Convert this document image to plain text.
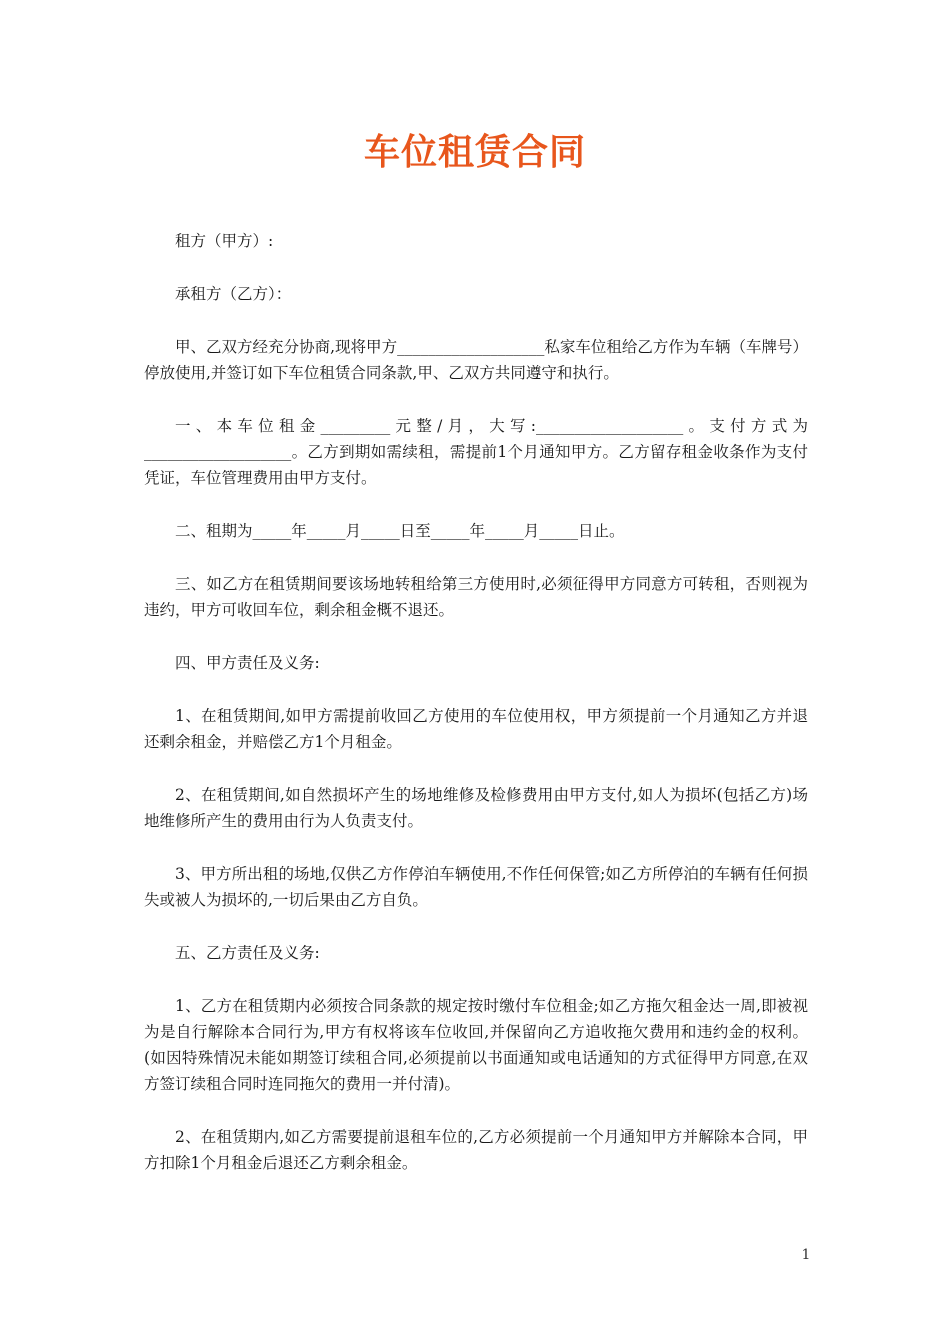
车位租赁合同

租方（甲方）:

承租方（乙方）：

甲、乙双方经充分协商,现将甲方___________________私家车位租给乙方作为车辆（车牌号）停放使用,并签订如下车位租赁合同条款,甲、乙双方共同遵守和执行。

一、本车位租金_________元整/月，大写:___________________。支付方式为___________________。乙方到期如需续租，需提前1个月通知甲方。乙方留存租金收条作为支付凭证，车位管理费用由甲方支付。

二、租期为_____年_____月_____日至_____年_____月_____日止。

三、如乙方在租赁期间要该场地转租给第三方使用时,必须征得甲方同意方可转租，否则视为违约，甲方可收回车位，剩余租金概不退还。

四、甲方责任及义务:

1、在租赁期间,如甲方需提前收回乙方使用的车位使用权，甲方须提前一个月通知乙方并退还剩余租金，并赔偿乙方1个月租金。

2、在租赁期间,如自然损坏产生的场地维修及检修费用由甲方支付,如人为损坏(包括乙方)场地维修所产生的费用由行为人负责支付。

3、甲方所出租的场地,仅供乙方作停泊车辆使用,不作任何保管;如乙方所停泊的车辆有任何损失或被人为损坏的,一切后果由乙方自负。

五、乙方责任及义务:

1、乙方在租赁期内必须按合同条款的规定按时缴付车位租金;如乙方拖欠租金达一周,即被视为是自行解除本合同行为,甲方有权将该车位收回,并保留向乙方追收拖欠费用和违约金的权利。(如因特殊情况未能如期签订续租合同,必须提前以书面通知或电话通知的方式征得甲方同意,在双方签订续租合同时连同拖欠的费用一并付清)。

2、在租赁期内,如乙方需要提前退租车位的,乙方必须提前一个月通知甲方并解除本合同，甲方扣除1个月租金后退还乙方剩余租金。

1
